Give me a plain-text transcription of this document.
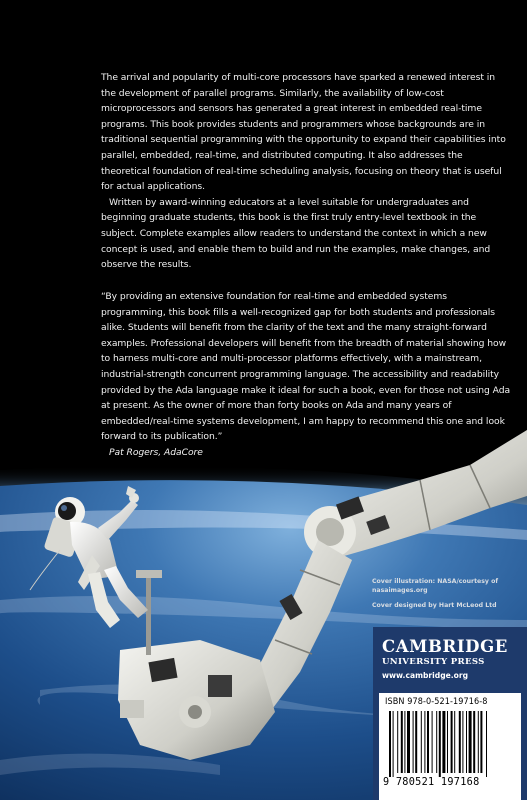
The arrival and popularity of multi-core processors have sparked a renewed interest in the development of parallel programs. Similarly, the availability of low-cost microprocessors and sensors has generated a great interest in embedded real-time programs. This book provides students and programmers whose backgrounds are in traditional sequential programming with the opportunity to expand their capabilities into parallel, embedded, real-time, and distributed computing. It also addresses the theoretical foundation of real-time scheduling analysis, focusing on theory that is useful for actual applications.

Written by award-winning educators at a level suitable for undergraduates and beginning graduate students, this book is the first truly entry-level textbook in the subject. Complete examples allow readers to understand the context in which a new concept is used, and enable them to build and run the examples, make changes, and observe the results.

“By providing an extensive foundation for real-time and embedded systems programming, this book fills a well-recognized gap for both students and professionals alike. Students will benefit from the clarity of the text and the many straight-forward examples. Professional developers will benefit from the breadth of material showing how to harness multi-core and multi-processor platforms effectively, with a mainstream, industrial-strength concurrent programming language. The accessibility and readability provided by the Ada language make it ideal for such a book, even for those not using Ada at present. As the owner of more than forty books on Ada and many years of embedded/real-time systems development, I am happy to recommend this one and look forward to its publication.”

Pat Rogers, AdaCore

Cover illustration: NASA/courtesy of nasaimages.org
Cover designed by Hart McLeod Ltd
CAMBRIDGE
UNIVERSITY PRESS
www.cambridge.org
ISBN 978-0-521-19716-8
9 780521 197168
